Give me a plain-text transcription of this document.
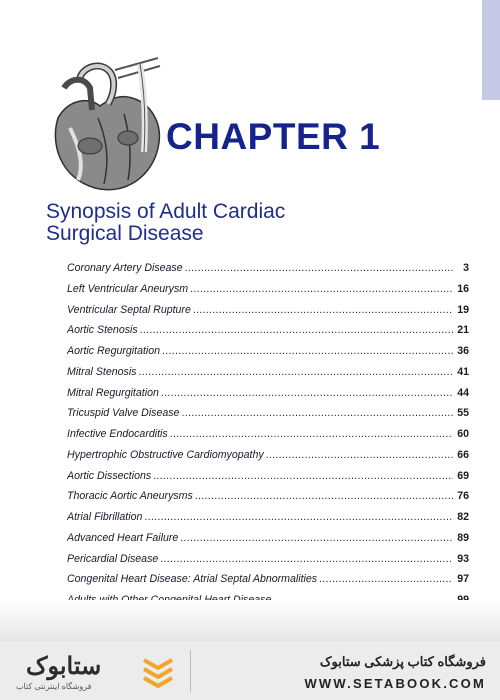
CHAPTER 1
Synopsis of Adult Cardiac
Surgical Disease
Coronary Artery Disease .....	3
Left Ventricular Aneurysm .....	16
Ventricular Septal Rupture .....	19
Aortic Stenosis .....	21
Aortic Regurgitation .....	36
Mitral Stenosis .....	41
Mitral Regurgitation .....	44
Tricuspid Valve Disease .....	55
Infective Endocarditis .....	60
Hypertrophic Obstructive Cardiomyopathy .....	66
Aortic Dissections .....	69
Thoracic Aortic Aneurysms .....	76
Atrial Fibrillation .....	82
Advanced Heart Failure .....	89
Pericardial Disease .....	93
Congenital Heart Disease: Atrial Septal Abnormalities .....	97
.....
ستابوک
فروشگاه اینترنتی کتاب
فروشگاه کتاب پزشکی ستابوک
WWW.SETABOOK.COM
